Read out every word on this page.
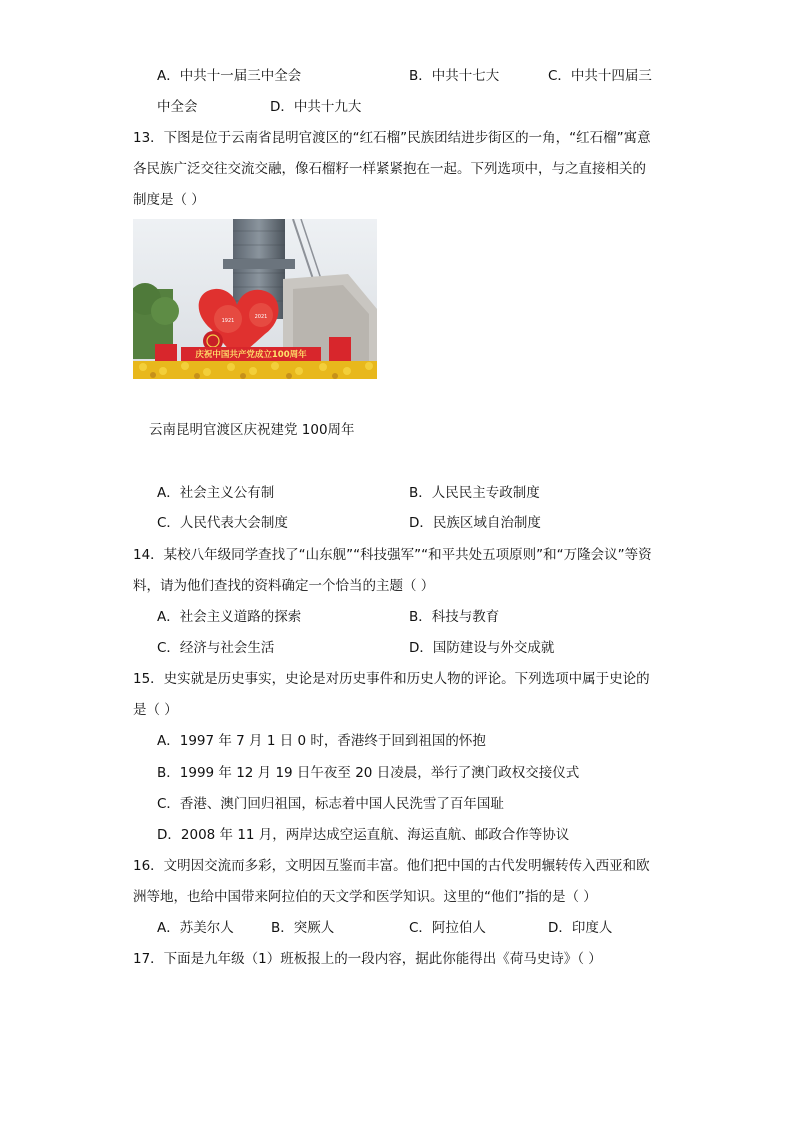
A．中共十一届三中全会	B．中共十七大	C．中共十四届三
中全会	D．中共十九大
13．下图是位于云南省昆明官渡区的“红石榴”民族团结进步街区的一角，“红石榴”寓意
各民族广泛交往交流交融，像石榴籽一样紧紧抱在一起。下列选项中，与之直接相关的
制度是（ ）
1921
2021
庆祝中国共产党成立100周年
云南昆明官渡区庆祝建党 100周年
A．社会主义公有制	B．人民民主专政制度
C．人民代表大会制度	D．民族区域自治制度
14．某校八年级同学查找了“山东舰”“科技强军”“和平共处五项原则”和“万隆会议”等资
料，请为他们查找的资料确定一个恰当的主题（ ）
A．社会主义道路的探索	B．科技与教育
C．经济与社会生活	D．国防建设与外交成就
15．史实就是历史事实，史论是对历史事件和历史人物的评论。下列选项中属于史论的
是（ ）
A．1997 年 7 月 1 日 0 时，香港终于回到祖国的怀抱
B．1999 年 12 月 19 日午夜至 20 日凌晨，举行了澳门政权交接仪式
C．香港、澳门回归祖国，标志着中国人民洗雪了百年国耻
D．2008 年 11 月，两岸达成空运直航、海运直航、邮政合作等协议
16．文明因交流而多彩，文明因互鉴而丰富。他们把中国的古代发明辗转传入西亚和欧
洲等地，也给中国带来阿拉伯的天文学和医学知识。这里的“他们”指的是（ ）
A．苏美尔人	B．突厥人	C．阿拉伯人	D．印度人
17．下面是九年级（1）班板报上的一段内容，据此你能得出《荷马史诗》（ ）
